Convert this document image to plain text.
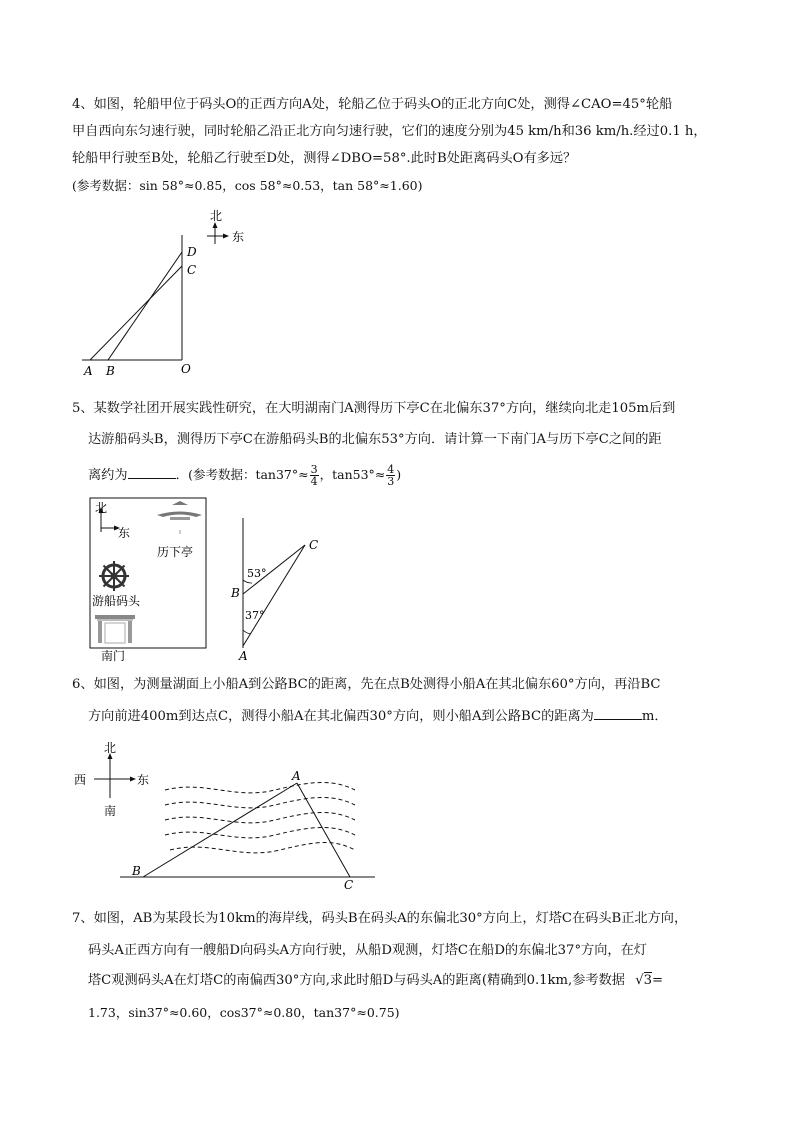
4、如图，轮船甲位于码头O的正西方向A处，轮船乙位于码头O的正北方向C处，测得∠CAO=45°轮船
甲自西向东匀速行驶，同时轮船乙沿正北方向匀速行驶，它们的速度分别为45 km/h和36 km/h.经过0.1 h，
轮船甲行驶至B处，轮船乙行驶至D处，测得∠DBO=58°.此时B处距离码头O有多远？
(参考数据：sin 58°≈0.85，cos 58°≈0.53，tan 58°≈1.60)
北
东
D
C
A B	O
5、某数学社团开展实践性研究，在大明湖南门A测得历下亭C在北偏东37°方向，继续向北走105m后到
达游船码头B，测得历下亭C在游船码头B的北偏东53°方向．请计算一下南门A与历下亭C之间的距
离约为	．(参考数据：$\tan 37^\circ\approx \frac{3}{4}$ ，$\tan 53^\circ\approx \frac{4}{3}$ )
北
东
历下亭
游船码头
南门
C
B
A
53°
37°
6、如图，为测量湖面上小船A到公路BC的距离，先在点B处测得小船A在其北偏东60°方向，再沿BC
方向前进400m到达点C，测得小船A在其北偏西30°方向，则小船A到公路BC的距离为	m．
北
西	东
南
A
B
C
7、如图，AB为某段长为10km的海岸线，码头B在码头A的东偏北30°方向上，灯塔C在码头B正北方向，
码头A正西方向有一艘船D向码头A方向行驶，从船D观测，灯塔C在船D的东偏北37°方向，在灯
塔C观测码头A在灯塔C的南偏西30°方向,求此时船D与码头A的距离(精确到0.1km,参考数据 √3=
1.73，sin37°≈0.60，cos37°≈0.80，tan37°≈0.75)
